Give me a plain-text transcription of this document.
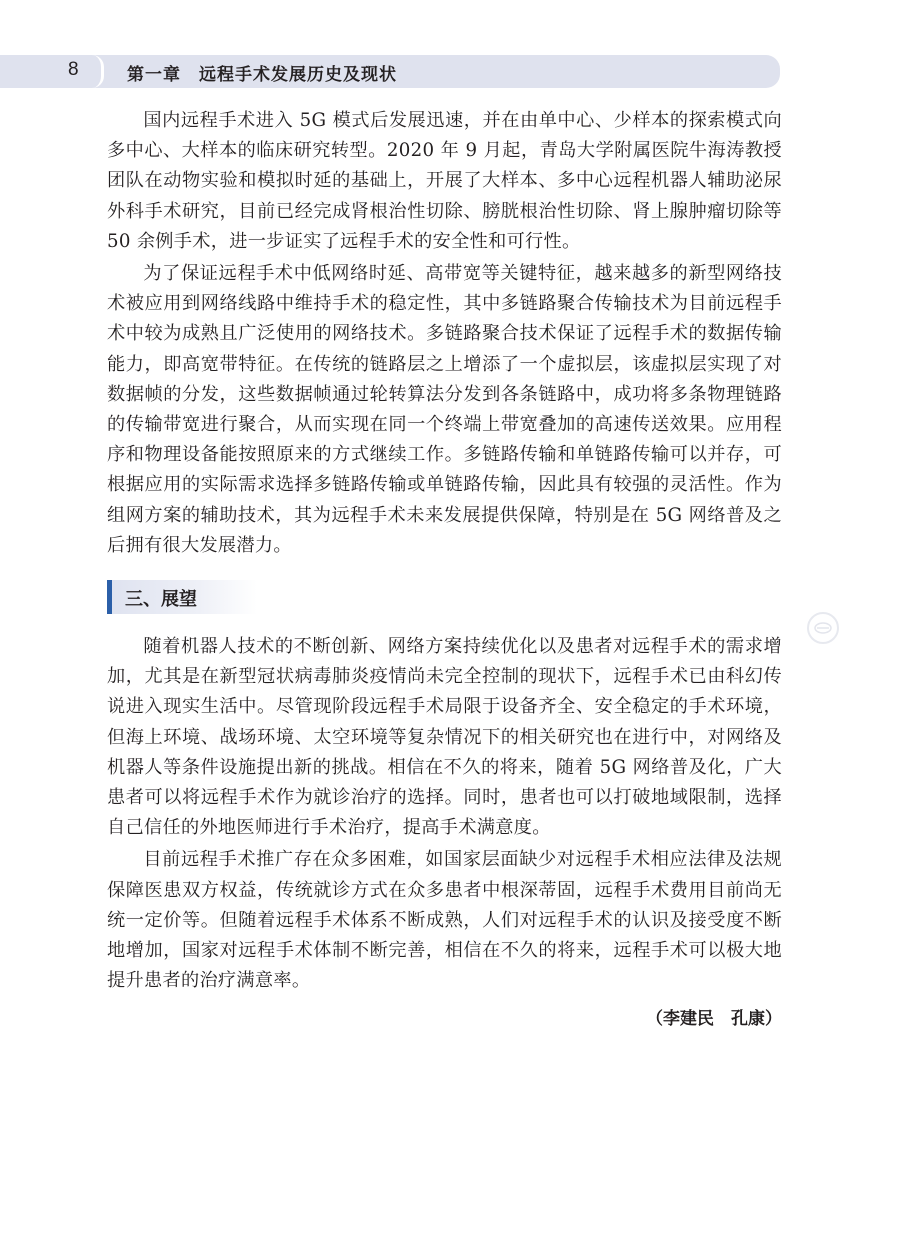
8	第一章　远程手术发展历史及现状

国内远程手术进入 5G 模式后发展迅速，并在由单中心、少样本的探索模式向多中心、大样本的临床研究转型。2020 年 9 月起，青岛大学附属医院牛海涛教授团队在动物实验和模拟时延的基础上，开展了大样本、多中心远程机器人辅助泌尿外科手术研究，目前已经完成肾根治性切除、膀胱根治性切除、肾上腺肿瘤切除等 50 余例手术，进一步证实了远程手术的安全性和可行性。

为了保证远程手术中低网络时延、高带宽等关键特征，越来越多的新型网络技术被应用到网络线路中维持手术的稳定性，其中多链路聚合传输技术为目前远程手术中较为成熟且广泛使用的网络技术。多链路聚合技术保证了远程手术的数据传输能力，即高宽带特征。在传统的链路层之上增添了一个虚拟层，该虚拟层实现了对数据帧的分发，这些数据帧通过轮转算法分发到各条链路中，成功将多条物理链路的传输带宽进行聚合，从而实现在同一个终端上带宽叠加的高速传送效果。应用程序和物理设备能按照原来的方式继续工作。多链路传输和单链路传输可以并存，可根据应用的实际需求选择多链路传输或单链路传输，因此具有较强的灵活性。作为组网方案的辅助技术，其为远程手术未来发展提供保障，特别是在 5G 网络普及之后拥有很大发展潜力。

三、展望

随着机器人技术的不断创新、网络方案持续优化以及患者对远程手术的需求增加，尤其是在新型冠状病毒肺炎疫情尚未完全控制的现状下，远程手术已由科幻传说进入现实生活中。尽管现阶段远程手术局限于设备齐全、安全稳定的手术环境，但海上环境、战场环境、太空环境等复杂情况下的相关研究也在进行中，对网络及机器人等条件设施提出新的挑战。相信在不久的将来，随着 5G 网络普及化，广大患者可以将远程手术作为就诊治疗的选择。同时，患者也可以打破地域限制，选择自己信任的外地医师进行手术治疗，提高手术满意度。

目前远程手术推广存在众多困难，如国家层面缺少对远程手术相应法律及法规保障医患双方权益，传统就诊方式在众多患者中根深蒂固，远程手术费用目前尚无统一定价等。但随着远程手术体系不断成熟，人们对远程手术的认识及接受度不断地增加，国家对远程手术体制不断完善，相信在不久的将来，远程手术可以极大地提升患者的治疗满意率。

（李建民　孔康）
